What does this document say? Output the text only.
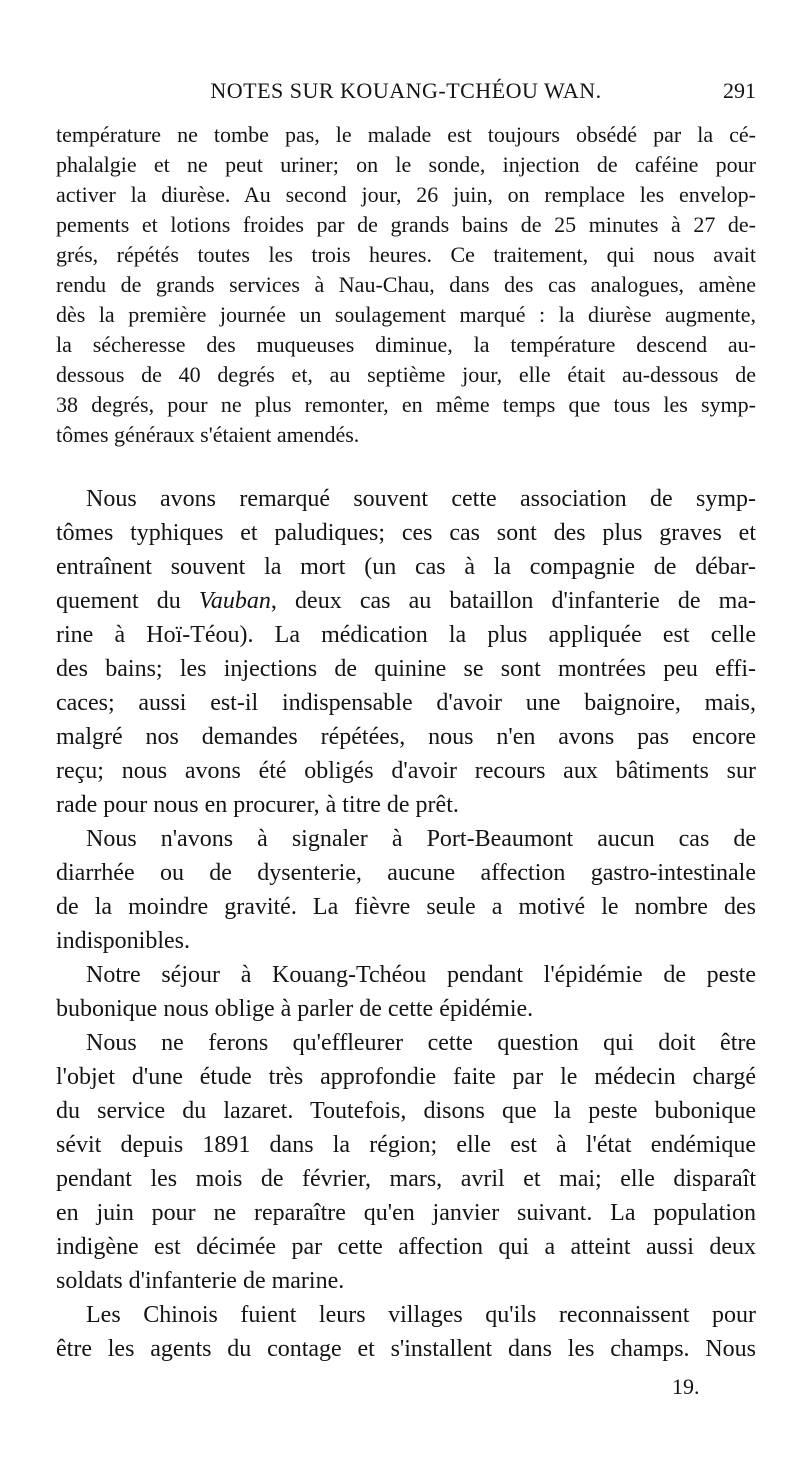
NOTES SUR KOUANG-TCHÉOU WAN.	291

température ne tombe pas, le malade est toujours obsédé par la cé-

phalalgie et ne peut uriner; on le sonde, injection de caféine pour

activer la diurèse. Au second jour, 26 juin, on remplace les envelop-

pements et lotions froides par de grands bains de 25 minutes à 27 de-

grés, répétés toutes les trois heures. Ce traitement, qui nous avait

rendu de grands services à Nau-Chau, dans des cas analogues, amène

dès la première journée un soulagement marqué : la diurèse augmente,

la sécheresse des muqueuses diminue, la température descend au-

dessous de 40 degrés et, au septième jour, elle était au-dessous de

38 degrés, pour ne plus remonter, en même temps que tous les symp-

tômes généraux s'étaient amendés.

Nous avons remarqué souvent cette association de symp-

tômes typhiques et paludiques; ces cas sont des plus graves et

entraînent souvent la mort (un cas à la compagnie de débar-

quement du Vauban, deux cas au bataillon d'infanterie de ma-

rine à Hoï-Téou). La médication la plus appliquée est celle

des bains; les injections de quinine se sont montrées peu effi-

caces; aussi est-il indispensable d'avoir une baignoire, mais,

malgré nos demandes répétées, nous n'en avons pas encore

reçu; nous avons été obligés d'avoir recours aux bâtiments sur

rade pour nous en procurer, à titre de prêt.

Nous n'avons à signaler à Port-Beaumont aucun cas de

diarrhée ou de dysenterie, aucune affection gastro-intestinale

de la moindre gravité. La fièvre seule a motivé le nombre des

indisponibles.

Notre séjour à Kouang-Tchéou pendant l'épidémie de peste

bubonique nous oblige à parler de cette épidémie.

Nous ne ferons qu'effleurer cette question qui doit être

l'objet d'une étude très approfondie faite par le médecin chargé

du service du lazaret. Toutefois, disons que la peste bubonique

sévit depuis 1891 dans la région; elle est à l'état endémique

pendant les mois de février, mars, avril et mai; elle disparaît

en juin pour ne reparaître qu'en janvier suivant. La population

indigène est décimée par cette affection qui a atteint aussi deux

soldats d'infanterie de marine.

Les Chinois fuient leurs villages qu'ils reconnaissent pour

être les agents du contage et s'installent dans les champs. Nous

19.
